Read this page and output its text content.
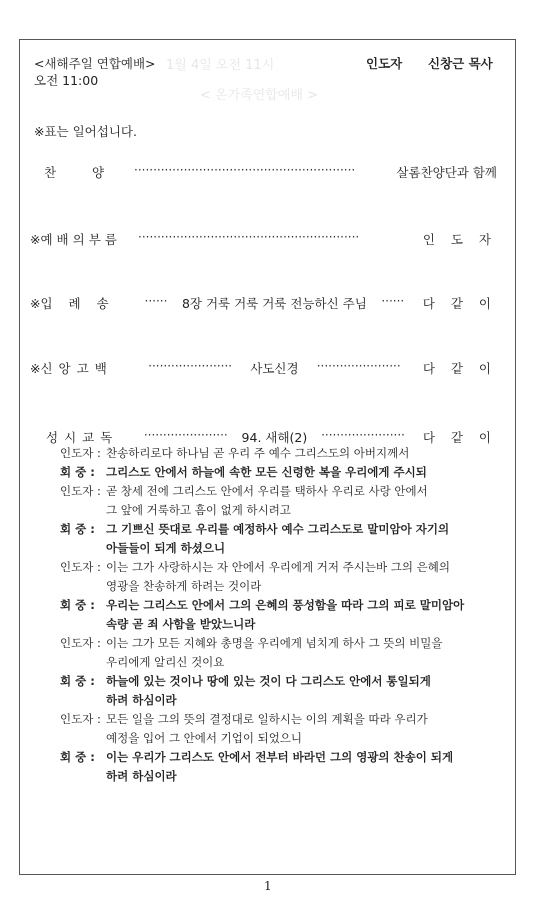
1월 4일 오전 11시
< 온가족연합예배 >
<새해주일 연합예배>
오전 11:00
인도자 신창근 목사
※표는 일어섭니다.
찬   양	··························································	살롬찬양단과 함께
※예배의부름	··························································	인 도 자
※입 례 송	······	8장 거룩 거룩 거룩 전능하신 주님	······	다 같 이
※신앙고백	······················	사도신경	······················	다 같 이
성시교독	······················	94. 새해(2)	······················	다 같 이
인도자 : 찬송하리로다 하나님 곧 우리 주 예수 그리스도의 아버지께서
회 중 : 그리스도 안에서 하늘에 속한 모든 신령한 복을 우리에게 주시되
인도자 : 곧 창세 전에 그리스도 안에서 우리를 택하사 우리로 사랑 안에서
그 앞에 거룩하고 흠이 없게 하시려고
회 중 : 그 기쁘신 뜻대로 우리를 예정하사 예수 그리스도로 말미암아 자기의
아들들이 되게 하셨으니
인도자 : 이는 그가 사랑하시는 자 안에서 우리에게 거저 주시는바 그의 은혜의
영광을 찬송하게 하려는 것이라
회 중 : 우리는 그리스도 안에서 그의 은혜의 풍성함을 따라 그의 피로 말미암아
속량 곧 죄 사함을 받았느니라
인도자 : 이는 그가 모든 지혜와 총명을 우리에게 넘치게 하사 그 뜻의 비밀을
우리에게 알리신 것이요
회 중 : 하늘에 있는 것이나 땅에 있는 것이 다 그리스도 안에서 통일되게
하려 하심이라
인도자 : 모든 일을 그의 뜻의 결정대로 일하시는 이의 계획을 따라 우리가
예정을 입어 그 안에서 기업이 되었으니
회 중 : 이는 우리가 그리스도 안에서 전부터 바라던 그의 영광의 찬송이 되게
하려 하심이라
1
